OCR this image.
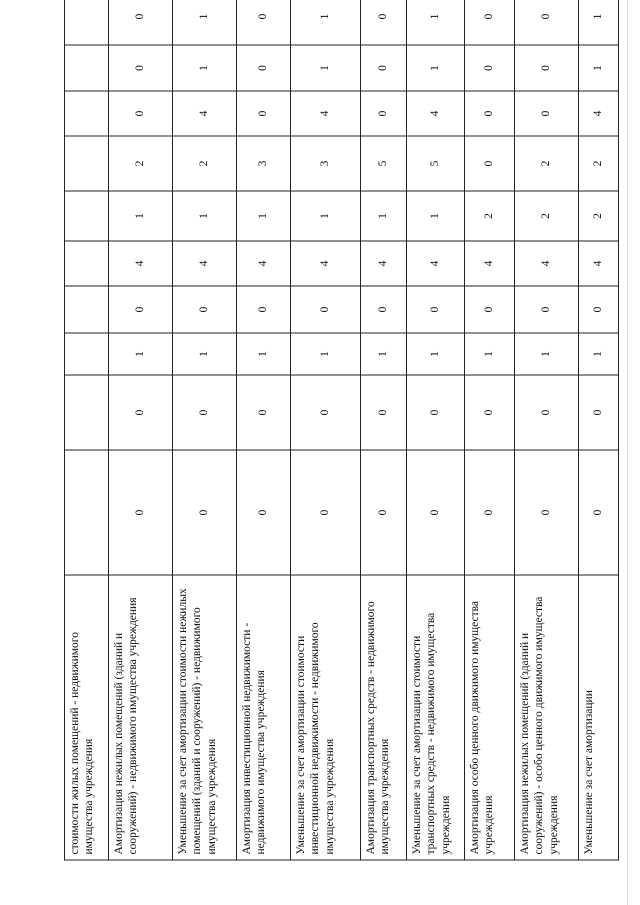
стоимости жилых помещений - недвижимого имущества учреждения										
Амортизация нежилых помещений (зданий и сооружений) - недвижимого имущества учреждения	0	0	1	0	4	1	2	0	0	0
Уменьшение за счет амортизации стоимости нежилых помещений (зданий и сооружений) - недвижимого имущества учреждения	0	0	1	0	4	1	2	4	1	1
Амортизация инвестиционной недвижимости - недвижимого имущества учреждения	0	0	1	0	4	1	3	0	0	0
Уменьшение за счет амортизации стоимости инвестиционной недвижимости - недвижимого имущества учреждения	0	0	1	0	4	1	3	4	1	1
Амортизация транспортных средств - недвижимого имущества учреждения	0	0	1	0	4	1	5	0	0	0
Уменьшение за счет амортизации стоимости транспортных средств - недвижимого имущества учреждения	0	0	1	0	4	1	5	4	1	1
Амортизация особо ценного движимого имущества учреждения	0	0	1	0	4	2	0	0	0	0
Амортизация нежилых помещений (зданий и сооружений) - особо ценного движимого имущества учреждения	0	0	1	0	4	2	2	0	0	0
Уменьшение за счет амортизации	0	0	1	0	4	2	2	4	1	1
